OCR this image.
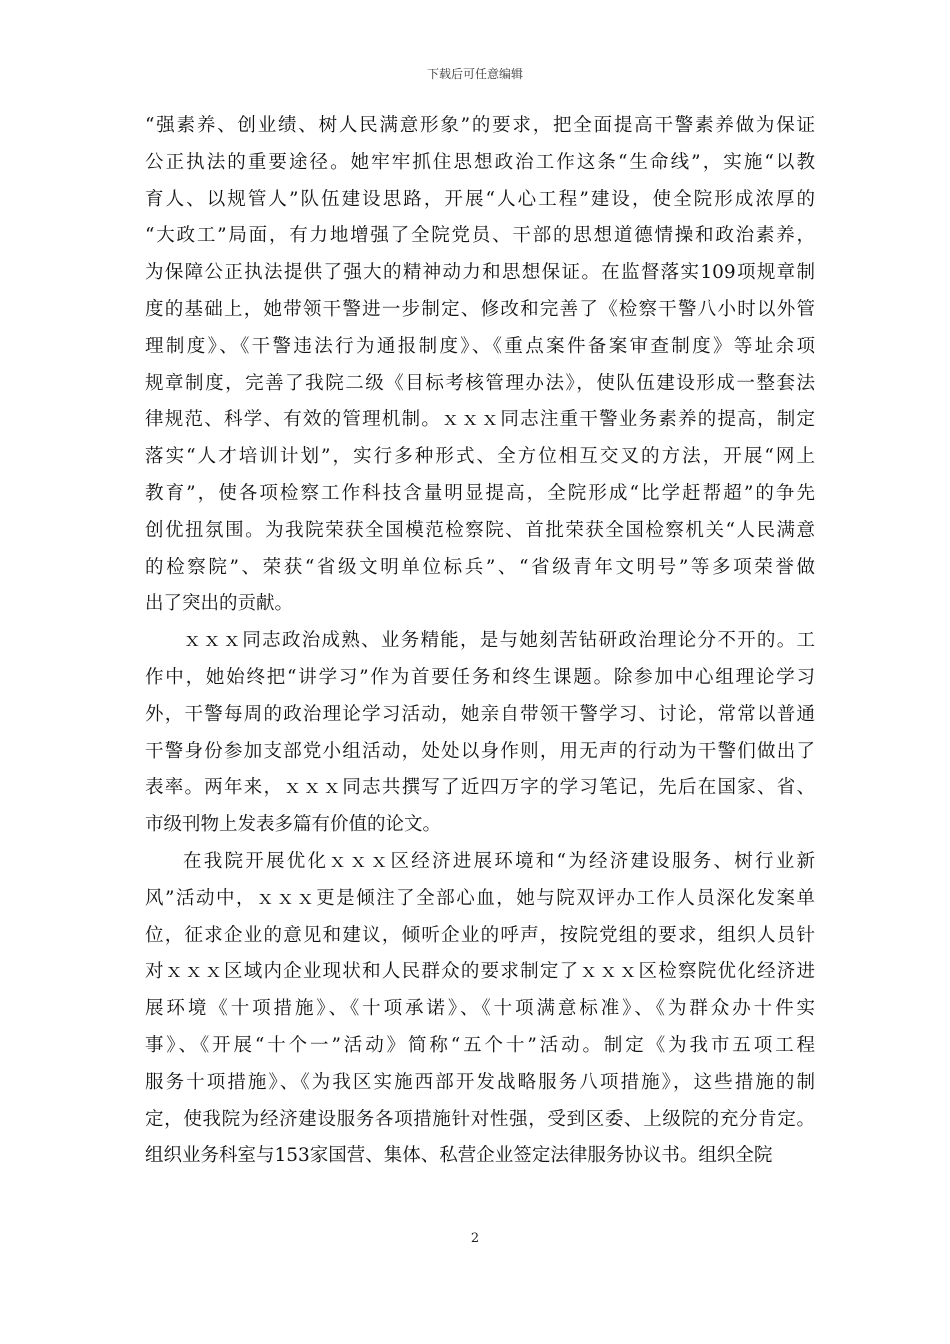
下载后可任意编辑
“强素养、创业绩、树人民满意形象”的要求，把全面提高干警素养做为保证
公正执法的重要途径。她牢牢抓住思想政治工作这条“生命线”，实施“以教
育人、以规管人”队伍建设思路，开展“人心工程”建设，使全院形成浓厚的
“大政工”局面，有力地增强了全院党员、干部的思想道德情操和政治素养，
为保障公正执法提供了强大的精神动力和思想保证。在监督落实109项规章制
度的基础上，她带领干警进一步制定、修改和完善了《检察干警八小时以外管
理制度》、《干警违法行为通报制度》、《重点案件备案审查制度》等址余项
规章制度，完善了我院二级《目标考核管理办法》，使队伍建设形成一整套法
律规范、科学、有效的管理机制。ｘｘｘ同志注重干警业务素养的提高，制定
落实“人才培训计划”，实行多种形式、全方位相互交叉的方法，开展“网上
教育”，使各项检察工作科技含量明显提高，全院形成“比学赶帮超”的争先
创优扭氛围。为我院荣获全国模范检察院、首批荣获全国检察机关“人民满意
的检察院”、荣获“省级文明单位标兵”、“省级青年文明号”等多项荣誉做
出了突出的贡献。
ｘｘｘ同志政治成熟、业务精能，是与她刻苦钻研政治理论分不开的。工
作中，她始终把“讲学习”作为首要任务和终生课题。除参加中心组理论学习
外，干警每周的政治理论学习活动，她亲自带领干警学习、讨论，常常以普通
干警身份参加支部党小组活动，处处以身作则，用无声的行动为干警们做出了
表率。两年来，ｘｘｘ同志共撰写了近四万字的学习笔记，先后在国家、省、
市级刊物上发表多篇有价值的论文。
在我院开展优化ｘｘｘ区经济进展环境和“为经济建设服务、树行业新
风”活动中，ｘｘｘ更是倾注了全部心血，她与院双评办工作人员深化发案单
位，征求企业的意见和建议，倾听企业的呼声，按院党组的要求，组织人员针
对ｘｘｘ区域内企业现状和人民群众的要求制定了ｘｘｘ区检察院优化经济进
展环境《十项措施》、《十项承诺》、《十项满意标准》、《为群众办十件实
事》、《开展“十个一”活动》简称“五个十”活动。制定《为我市五项工程
服务十项措施》、《为我区实施西部开发战略服务八项措施》，这些措施的制
定，使我院为经济建设服务各项措施针对性强，受到区委、上级院的充分肯定。
组织业务科室与153家国营、集体、私营企业签定法律服务协议书。组织全院
2
